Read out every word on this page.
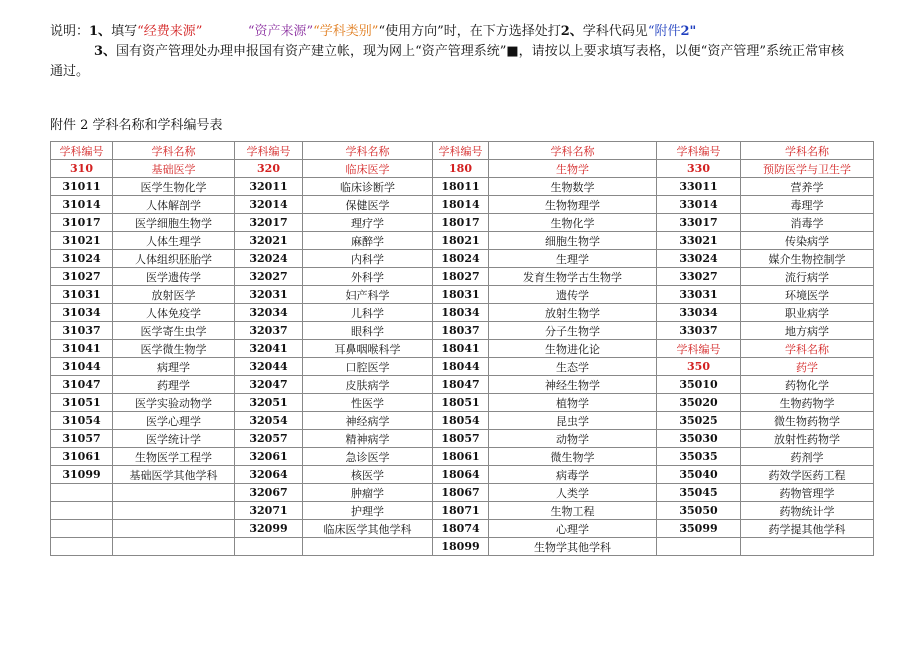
说明：1、填写“经费来源”	“资产来源”“学科类别”“使用方向”时，在下方选择处打2、学科代码见“附件2"
3、国有资产管理处办理申报国有资产建立帐，现为网上“资产管理系统”■，请按以上要求填写表格，以便“资产管理”系统正常审核
通过。
附件 2 学科名称和学科编号表
学科编号	学科名称	学科编号	学科名称	学科编号	学科名称	学科编号	学科名称
310	基础医学	320	临床医学	180	生物学	330	预防医学与卫生学
31011	医学生物化学	32011	临床诊断学	18011	生物数学	33011	营养学
31014	人体解剖学	32014	保健医学	18014	生物物理学	33014	毒理学
31017	医学细胞生物学	32017	理疗学	18017	生物化学	33017	消毒学
31021	人体生理学	32021	麻醉学	18021	细胞生物学	33021	传染病学
31024	人体组织胚胎学	32024	内科学	18024	生理学	33024	媒介生物控制学
31027	医学遗传学	32027	外科学	18027	发育生物学古生物学	33027	流行病学
31031	放射医学	32031	妇产科学	18031	遗传学	33031	环境医学
31034	人体免疫学	32034	儿科学	18034	放射生物学	33034	职业病学
31037	医学寄生虫学	32037	眼科学	18037	分子生物学	33037	地方病学
31041	医学微生物学	32041	耳鼻咽喉科学	18041	生物进化论	学科编号	学科名称
31044	病理学	32044	口腔医学	18044	生态学	350	药学
31047	药理学	32047	皮肤病学	18047	神经生物学	35010	药物化学
31051	医学实验动物学	32051	性医学	18051	植物学	35020	生物药物学
31054	医学心理学	32054	神经病学	18054	昆虫学	35025	微生物药物学
31057	医学统计学	32057	精神病学	18057	动物学	35030	放射性药物学
31061	生物医学工程学	32061	急诊医学	18061	微生物学	35035	药剂学
31099	基础医学其他学科	32064	核医学	18064	病毒学	35040	药效学医药工程
		32067	肿瘤学	18067	人类学	35045	药物管理学
		32071	护理学	18071	生物工程	35050	药物统计学
		32099	临床医学其他学科	18074	心理学	35099	药学提其他学科
				18099	生物学其他学科		
